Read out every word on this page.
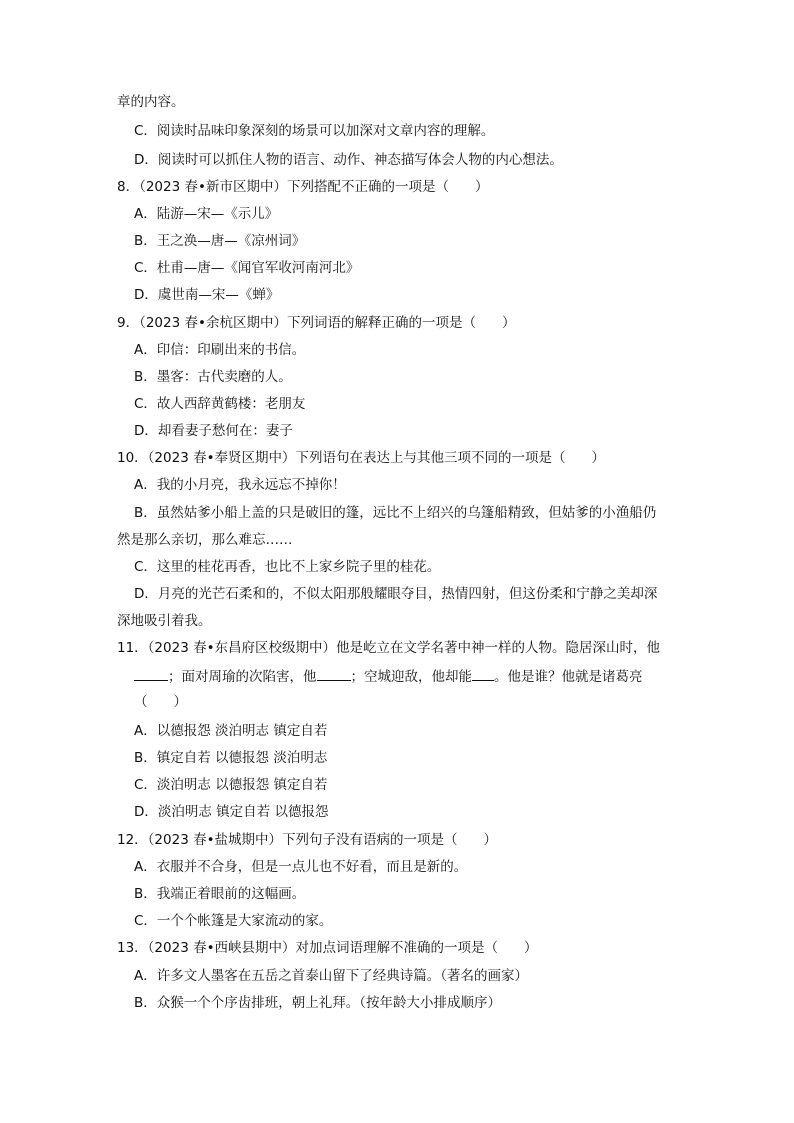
章的内容。
C．阅读时品味印象深刻的场景可以加深对文章内容的理解。
D．阅读时可以抓住人物的语言、动作、神态描写体会人物的内心想法。
8．（2023 春•新市区期中）下列搭配不正确的一项是（ ）
A．陆游—宋—《示儿》
B．王之涣—唐—《凉州词》
C．杜甫—唐—《闻官军收河南河北》
D．虞世南—宋—《蝉》
9．（2023 春•余杭区期中）下列词语的解释正确的一项是（ ）
A．印信：印刷出来的书信。
B．墨客：古代卖磨的人。
C．故人西辞黄鹤楼：老朋友
D．却看妻子愁何在：妻子
10．（2023 春•奉贤区期中）下列语句在表达上与其他三项不同的一项是（ ）
A．我的小月亮，我永远忘不掉你！
B．虽然姑爹小船上盖的只是破旧的篷，远比不上绍兴的乌篷船精致，但姑爹的小渔船仍
然是那么亲切，那么难忘……
C．这里的桂花再香，也比不上家乡院子里的桂花。
D．月亮的光芒石柔和的，不似太阳那般耀眼夺目，热情四射，但这份柔和宁静之美却深
深地吸引着我。
11．（2023 春•东昌府区校级期中）他是屹立在文学名著中神一样的人物。隐居深山时，他
；面对周瑜的次陷害，他	；空城迎敌，他却能 。他是谁？他就是诸葛亮
（ ）
A．以德报怨 淡泊明志 镇定自若
B．镇定自若 以德报怨 淡泊明志
C．淡泊明志 以德报怨 镇定自若
D．淡泊明志 镇定自若 以德报怨
12．（2023 春•盐城期中）下列句子没有语病的一项是（ ）
A．衣服并不合身，但是一点儿也不好看，而且是新的。
B．我端正着眼前的这幅画。
C．一个个帐篷是大家流动的家。
13．（2023 春•西峡县期中）对加点词语理解不准确的一项是（ ）
A．许多文人墨客在五岳之首泰山留下了经典诗篇。（著名的画家）
B．众猴一个个序齿排班，朝上礼拜。（按年龄大小排成顺序）
